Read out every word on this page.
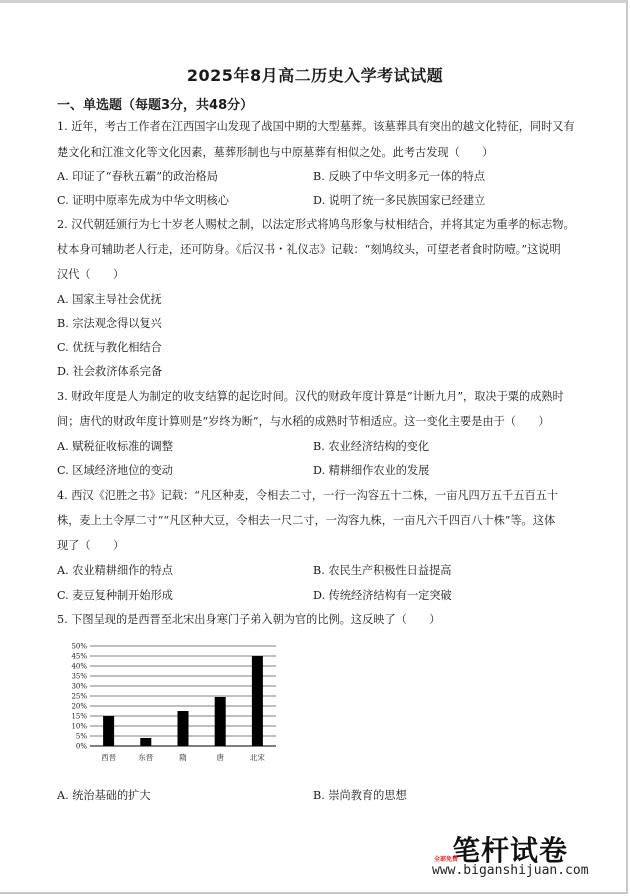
2025年8月高二历史入学考试试题
一、单选题（每题3分，共48分）
1. 近年，考古工作者在江西国字山发现了战国中期的大型墓葬。该墓葬具有突出的越文化特征，同时又有
楚文化和江淮文化等文化因素，墓葬形制也与中原墓葬有相似之处。此考古发现（　　）
A. 印证了“春秋五霸”的政治格局	B. 反映了中华文明多元一体的特点
C. 证明中原率先成为中华文明核心	D. 说明了统一多民族国家已经建立
2. 汉代朝廷颁行为七十岁老人赐杖之制，以法定形式将鸠鸟形象与杖相结合，并将其定为重孝的标志物。
杖本身可辅助老人行走，还可防身。《后汉书・礼仪志》记载：“刻鸠纹头，可望老者食时防噎。”这说明
汉代（　　）
A. 国家主导社会优抚
B. 宗法观念得以复兴
C. 优抚与教化相结合
D. 社会救济体系完备
3. 财政年度是人为制定的收支结算的起讫时间。汉代的财政年度计算是“计断九月”，取决于粟的成熟时
间；唐代的财政年度计算则是“岁终为断”，与水稻的成熟时节相适应。这一变化主要是由于（　　）
A. 赋税征收标准的调整	B. 农业经济结构的变化
C. 区域经济地位的变动	D. 精耕细作农业的发展
4. 西汉《氾胜之书》记载：“凡区种麦，令相去二寸，一行一沟容五十二株，一亩凡四万五千五百五十
株，麦上土令厚二寸”“凡区种大豆，令相去一尺二寸，一沟容九株，一亩凡六千四百八十株”等。这体
现了（　　）
A. 农业精耕细作的特点	B. 农民生产积极性日益提高
C. 麦豆复种制开始形成	D. 传统经济结构有一定突破
5. 下图呈现的是西晋至北宋出身寒门子弟入朝为官的比例。这反映了（　　）
0%
5%
10%
15%
20%
25%
30%
35%
40%
45%
50%
西晋	东晋	隋	唐	北宋
A. 统治基础的扩大	B. 崇尚教育的思想
笔杆试卷
全部免费
www.biganshijuan.com
